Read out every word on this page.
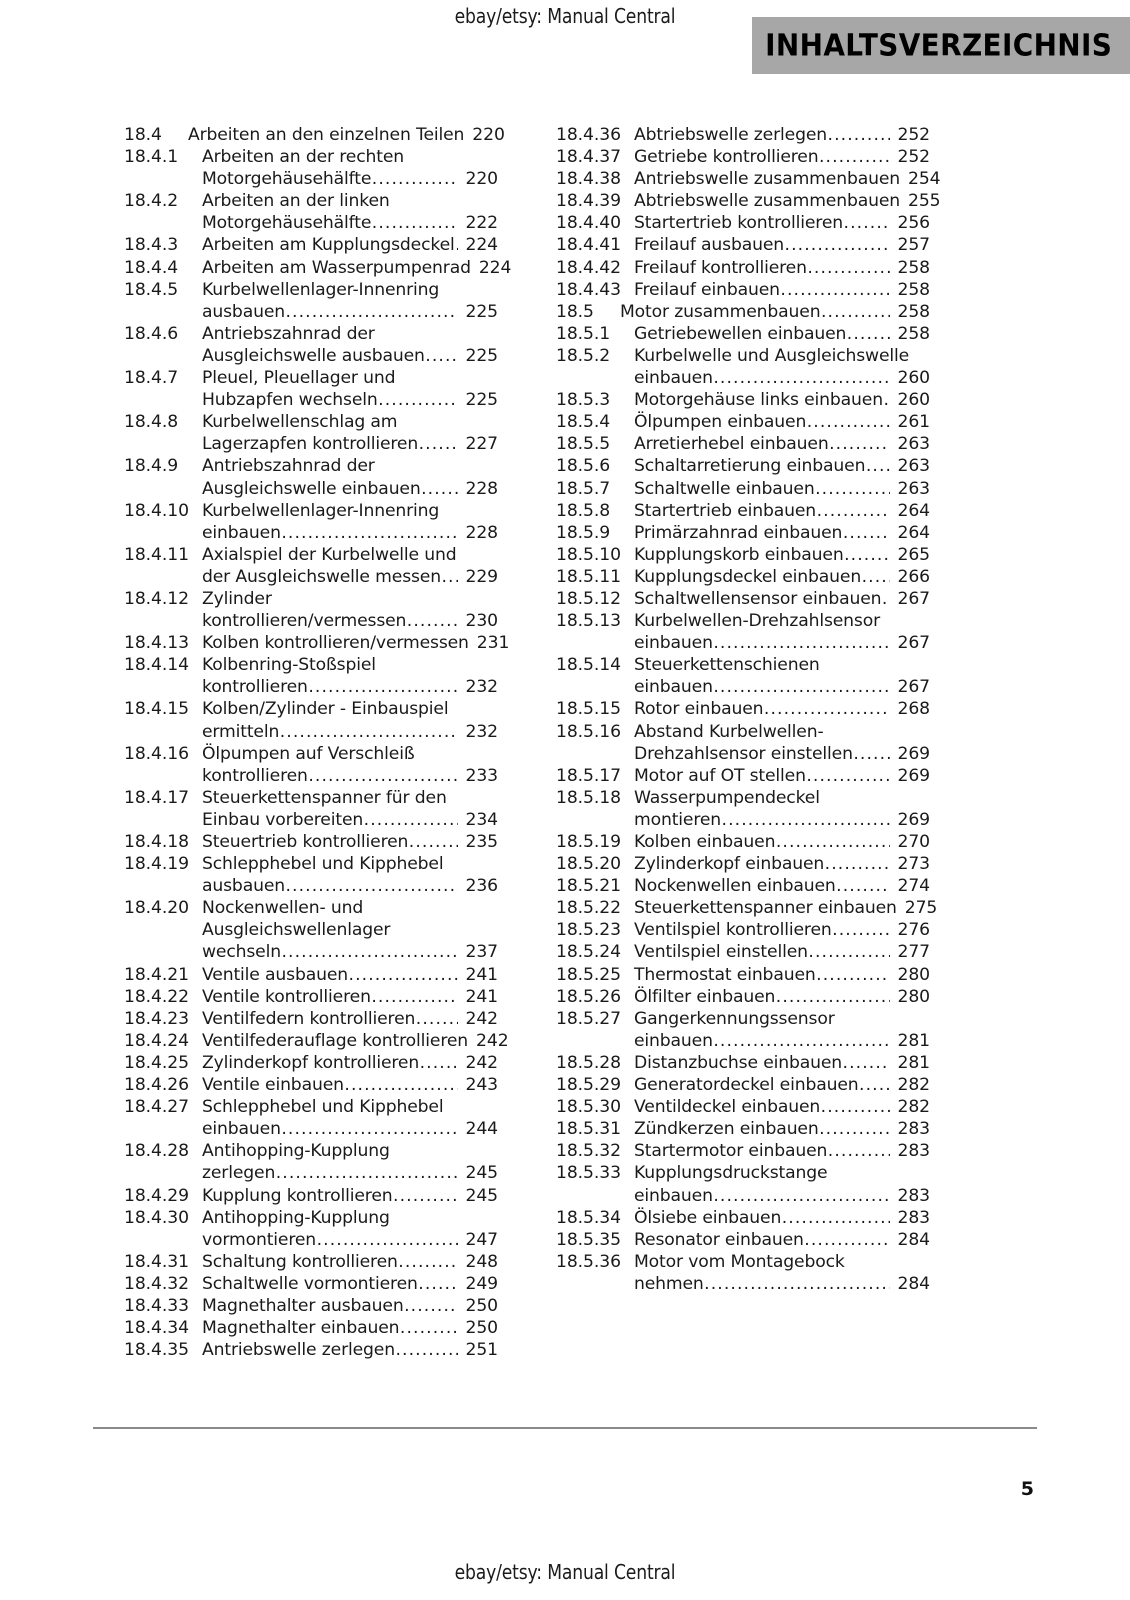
ebay/etsy: Manual Central
INHALTSVERZEICHNIS
18.4	Arbeiten an den einzelnen Teilen 220
18.4.1	Arbeiten an der rechten
Motorgehäusehälfte .....	220
18.4.2	Arbeiten an der linken
Motorgehäusehälfte .....	222
18.4.3	Arbeiten am Kupplungsdeckel ..... 224
18.4.4	Arbeiten am Wasserpumpenrad 224
18.4.5	Kurbelwellenlager-Innenring
ausbauen .....	225
18.4.6	Antriebszahnrad der
Ausgleichswelle ausbauen .....	225
18.4.7	Pleuel, Pleuellager und
Hubzapfen wechseln .....	225
18.4.8	Kurbelwellenschlag am
Lagerzapfen kontrollieren .....	227
18.4.9	Antriebszahnrad der
Ausgleichswelle einbauen .....	228
18.4.10 Kurbelwellenlager-Innenring
einbauen .....	228
18.4.11 Axialspiel der Kurbelwelle und
der Ausgleichswelle messen .....	229
18.4.12 Zylinder
kontrollieren/vermessen .....	230
18.4.13 Kolben kontrollieren/vermessen 231
18.4.14 Kolbenring-Stoßspiel
kontrollieren .....	232
18.4.15 Kolben/Zylinder - Einbauspiel
ermitteln .....	232
18.4.16 Ölpumpen auf Verschleiß
kontrollieren .....	233
18.4.17 Steuerkettenspanner für den
Einbau vorbereiten .....	234
18.4.18 Steuertrieb kontrollieren .....	235
18.4.19 Schlepphebel und Kipphebel
ausbauen .....	236
18.4.20 Nockenwellen- und
Ausgleichswellenlager
wechseln .....	237
18.4.21 Ventile ausbauen .....	241
18.4.22 Ventile kontrollieren .....	241
18.4.23 Ventilfedern kontrollieren .....	242
18.4.24 Ventilfederauflage kontrollieren 242
18.4.25 Zylinderkopf kontrollieren .....	242
18.4.26 Ventile einbauen .....	243
18.4.27 Schlepphebel und Kipphebel
einbauen .....	244
18.4.28 Antihopping-Kupplung
zerlegen .....	245
18.4.29 Kupplung kontrollieren .....	245
18.4.30 Antihopping-Kupplung
vormontieren .....	247
18.4.31 Schaltung kontrollieren .....	248
18.4.32 Schaltwelle vormontieren .....	249
18.4.33 Magnethalter ausbauen .....	250
18.4.34 Magnethalter einbauen .....	250
18.4.35 Antriebswelle zerlegen .....	251
18.4.36 Abtriebswelle zerlegen .....	252
18.4.37 Getriebe kontrollieren .....	252
18.4.38 Antriebswelle zusammenbauen 254
18.4.39 Abtriebswelle zusammenbauen 255
18.4.40 Startertrieb kontrollieren .....	256
18.4.41 Freilauf ausbauen .....	257
18.4.42 Freilauf kontrollieren .....	258
18.4.43 Freilauf einbauen .....	258
18.5	Motor zusammenbauen .....	258
18.5.1	Getriebewellen einbauen .....	258
18.5.2	Kurbelwelle und Ausgleichswelle
einbauen .....	260
18.5.3	Motorgehäuse links einbauen ..... 260
18.5.4	Ölpumpen einbauen .....	261
18.5.5	Arretierhebel einbauen .....	263
18.5.6	Schaltarretierung einbauen .....	263
18.5.7	Schaltwelle einbauen .....	263
18.5.8	Startertrieb einbauen .....	264
18.5.9	Primärzahnrad einbauen .....	264
18.5.10 Kupplungskorb einbauen .....	265
18.5.11 Kupplungsdeckel einbauen .....	266
18.5.12 Schaltwellensensor einbauen ..... 267
18.5.13 Kurbelwellen-Drehzahlsensor
einbauen .....	267
18.5.14 Steuerkettenschienen
einbauen .....	267
18.5.15 Rotor einbauen .....	268
18.5.16 Abstand Kurbelwellen-
Drehzahlsensor einstellen .....	269
18.5.17 Motor auf OT stellen .....	269
18.5.18 Wasserpumpendeckel
montieren .....	269
18.5.19 Kolben einbauen .....	270
18.5.20 Zylinderkopf einbauen .....	273
18.5.21 Nockenwellen einbauen .....	274
18.5.22 Steuerkettenspanner einbauen 275
18.5.23 Ventilspiel kontrollieren .....	276
18.5.24 Ventilspiel einstellen .....	277
18.5.25 Thermostat einbauen .....	280
18.5.26 Ölfilter einbauen .....	280
18.5.27 Gangerkennungssensor
einbauen .....	281
18.5.28 Distanzbuchse einbauen .....	281
18.5.29 Generatordeckel einbauen .....	282
18.5.30 Ventildeckel einbauen .....	282
18.5.31 Zündkerzen einbauen .....	283
18.5.32 Startermotor einbauen .....	283
18.5.33 Kupplungsdruckstange
einbauen .....	283
18.5.34 Ölsiebe einbauen .....	283
18.5.35 Resonator einbauen .....	284
18.5.36 Motor vom Montagebock
nehmen .....	284
5
ebay/etsy: Manual Central
